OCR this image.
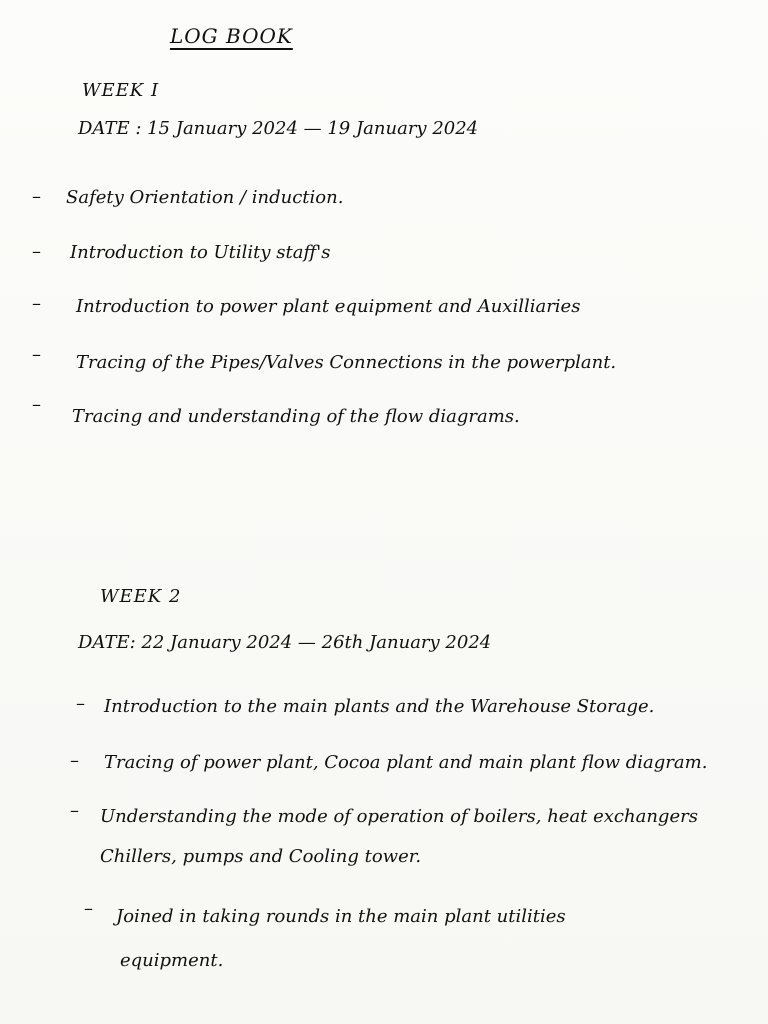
LOG BOOK
WEEK I
DATE : 15 January 2024 — 19 January 2024
– Safety Orientation / induction.
– Introduction to Utility staff's
– Introduction to power plant equipment and Auxilliaries
– Tracing of the Pipes/Valves Connections in the powerplant.
–
Tracing and understanding of the flow diagrams.
WEEK 2
DATE: 22 January 2024 — 26th January 2024
– Introduction to the main plants and the Warehouse Storage.
– Tracing of power plant, Cocoa plant and main plant flow diagram.
– Understanding the mode of operation of boilers, heat exchangers
Chillers, pumps and Cooling tower.
– Joined in taking rounds in the main plant utilities
equipment.
